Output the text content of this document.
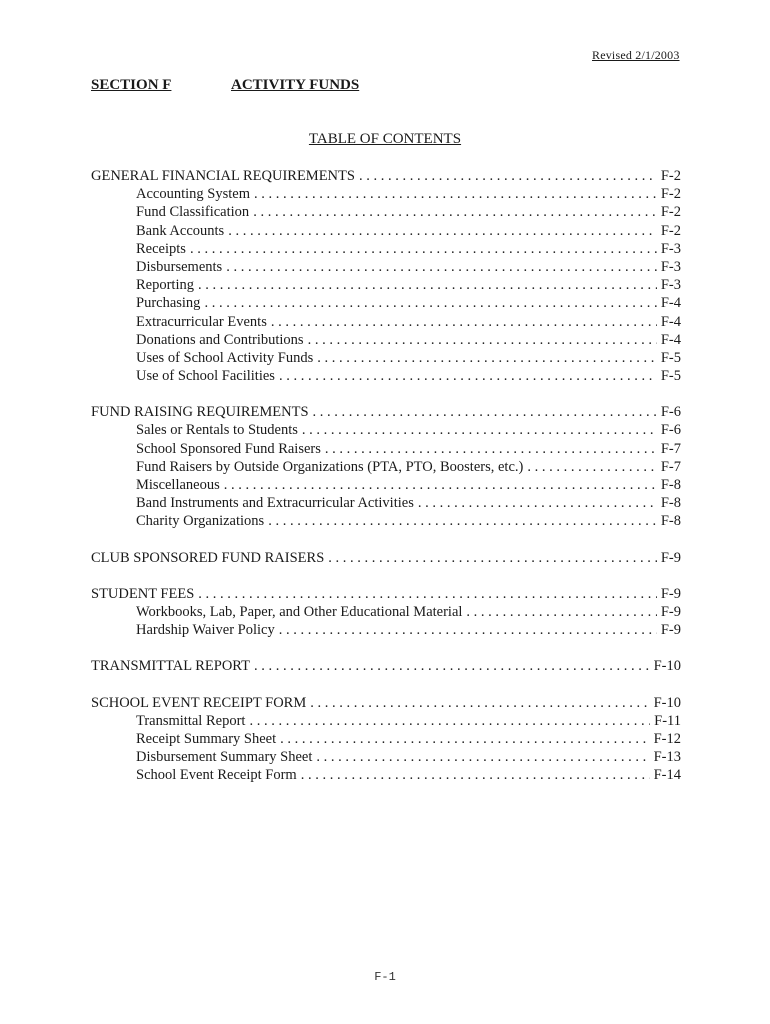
Revised 2/1/2003
SECTION F	ACTIVITY FUNDS
TABLE OF CONTENTS
GENERAL FINANCIAL REQUIREMENTS . . .	F-2
Accounting System . . .	F-2
Fund Classification . . .	F-2
Bank Accounts . . .	F-2
Receipts . . .	F-3
Disbursements . . .	F-3
Reporting . . .	F-3
Purchasing . . .	F-4
Extracurricular Events . . .	F-4
Donations and Contributions . . .	F-4
Uses of School Activity Funds . . .	F-5
Use of School Facilities . . .	F-5
FUND RAISING REQUIREMENTS . . .	F-6
Sales or Rentals to Students . . .	F-6
School Sponsored Fund Raisers . . .	F-7
Fund Raisers by Outside Organizations (PTA, PTO, Boosters, etc.) . . .	F-7
Miscellaneous . . .	F-8
Band Instruments and Extracurricular Activities . . .	F-8
Charity Organizations . . .	F-8
CLUB SPONSORED FUND RAISERS . . .	F-9
STUDENT FEES . . .	F-9
Workbooks, Lab, Paper, and Other Educational Material . . .	F-9
Hardship Waiver Policy . . .	F-9
TRANSMITTAL REPORT . . .	F-10
SCHOOL EVENT RECEIPT FORM . . .	F-10
Transmittal Report . . .	F-11
Receipt Summary Sheet . . .	F-12
Disbursement Summary Sheet . . .	F-13
School Event Receipt Form . . .	F-14
F-1
